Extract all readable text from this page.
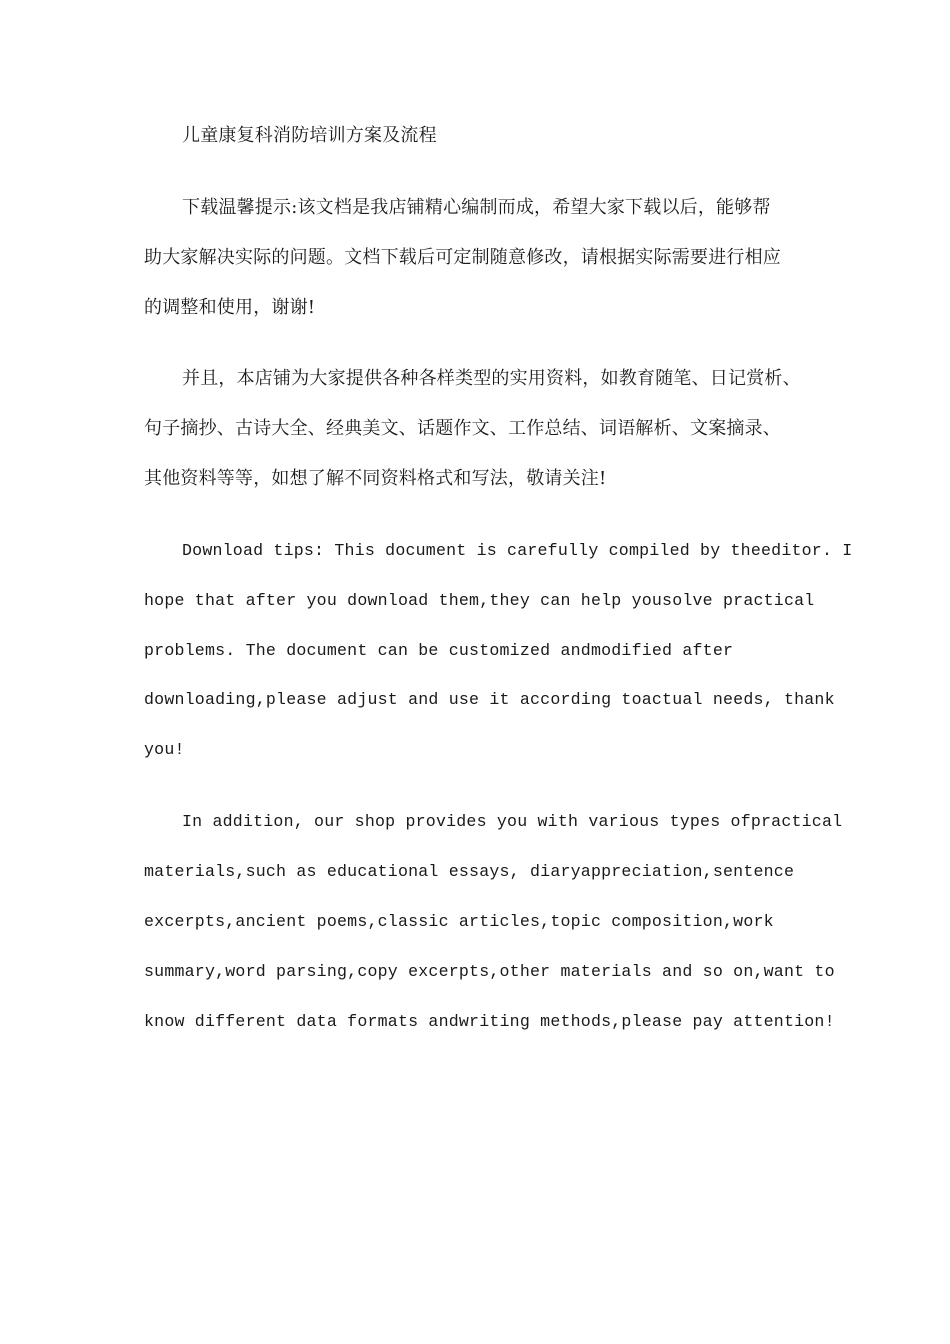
儿童康复科消防培训方案及流程
下载温馨提示:该文档是我店铺精心编制而成，希望大家下载以后，能够帮
助大家解决实际的问题。文档下载后可定制随意修改，请根据实际需要进行相应
的调整和使用，谢谢!
并且，本店铺为大家提供各种各样类型的实用资料，如教育随笔、日记赏析、
句子摘抄、古诗大全、经典美文、话题作文、工作总结、词语解析、文案摘录、
其他资料等等，如想了解不同资料格式和写法，敬请关注!
Download tips: This document is carefully compiled by theeditor. I
hope that after you download them,they can help yousolve practical
problems. The document can be customized andmodified after
downloading,please adjust and use it according toactual needs, thank
you!
In addition, our shop provides you with various types ofpractical
materials,such as educational essays, diaryappreciation,sentence
excerpts,ancient poems,classic articles,topic composition,work
summary,word parsing,copy excerpts,other materials and so on,want to
know different data formats andwriting methods,please pay attention!
